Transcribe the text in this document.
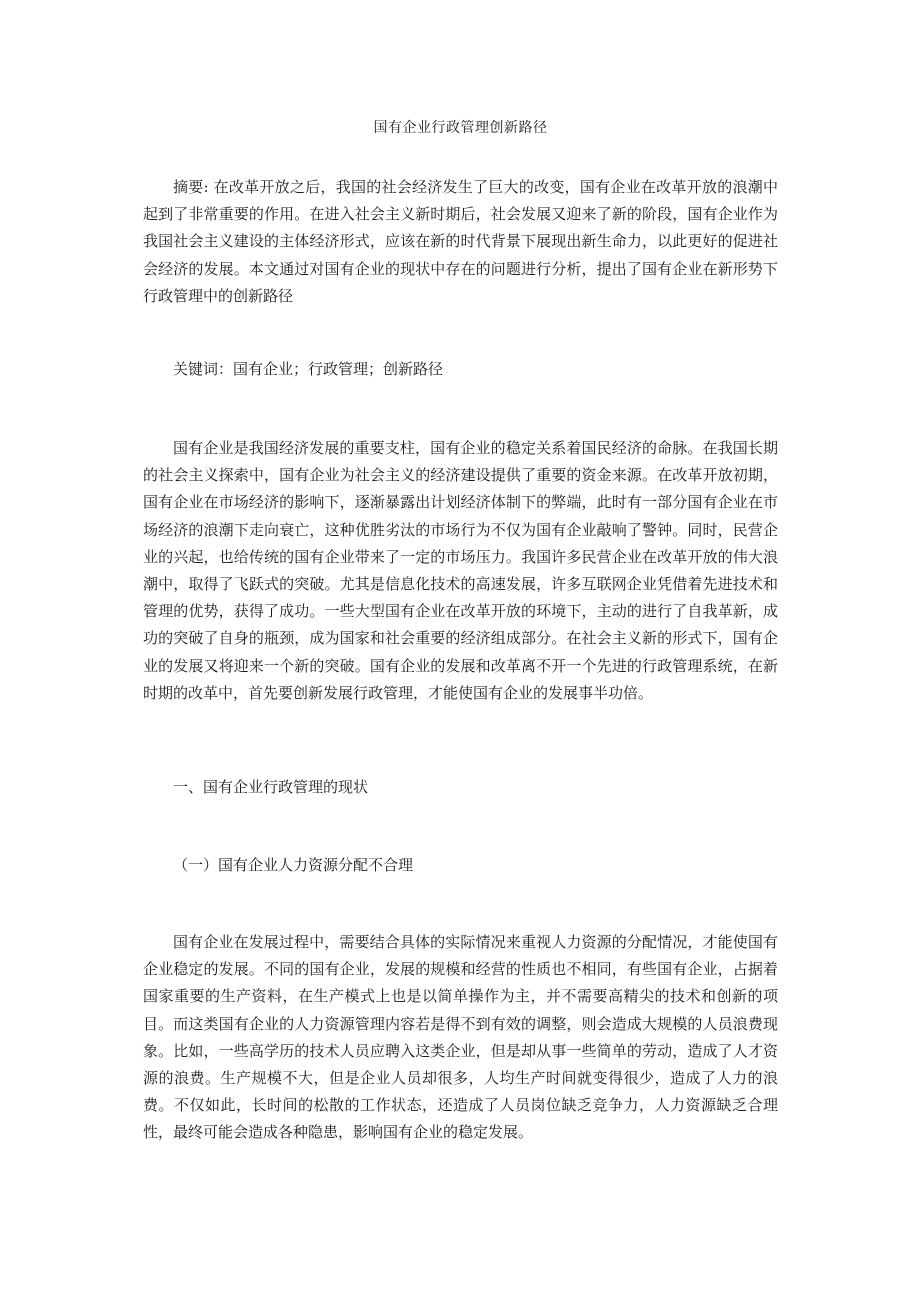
国有企业行政管理创新路径

摘要: 在改革开放之后，我国的社会经济发生了巨大的改变，国有企业在改革开放的浪潮中起到了非常重要的作用。在进入社会主义新时期后，社会发展又迎来了新的阶段，国有企业作为我国社会主义建设的主体经济形式，应该在新的时代背景下展现出新生命力，以此更好的促进社会经济的发展。本文通过对国有企业的现状中存在的问题进行分析，提出了国有企业在新形势下行政管理中的创新路径

关键词：国有企业；行政管理；创新路径

国有企业是我国经济发展的重要支柱，国有企业的稳定关系着国民经济的命脉。在我国长期的社会主义探索中，国有企业为社会主义的经济建设提供了重要的资金来源。在改革开放初期，国有企业在市场经济的影响下，逐渐暴露出计划经济体制下的弊端，此时有一部分国有企业在市场经济的浪潮下走向衰亡，这种优胜劣汰的市场行为不仅为国有企业敲响了警钟。同时，民营企业的兴起，也给传统的国有企业带来了一定的市场压力。我国许多民营企业在改革开放的伟大浪潮中，取得了飞跃式的突破。尤其是信息化技术的高速发展，许多互联网企业凭借着先进技术和管理的优势，获得了成功。一些大型国有企业在改革开放的环境下，主动的进行了自我革新，成功的突破了自身的瓶颈，成为国家和社会重要的经济组成部分。在社会主义新的形式下，国有企业的发展又将迎来一个新的突破。国有企业的发展和改革离不开一个先进的行政管理系统，在新时期的改革中，首先要创新发展行政管理，才能使国有企业的发展事半功倍。

一、国有企业行政管理的现状

（一）国有企业人力资源分配不合理

国有企业在发展过程中，需要结合具体的实际情况来重视人力资源的分配情况，才能使国有企业稳定的发展。不同的国有企业，发展的规模和经营的性质也不相同，有些国有企业，占据着国家重要的生产资料，在生产模式上也是以简单操作为主，并不需要高精尖的技术和创新的项目。而这类国有企业的人力资源管理内容若是得不到有效的调整，则会造成大规模的人员浪费现象。比如，一些高学历的技术人员应聘入这类企业，但是却从事一些简单的劳动，造成了人才资源的浪费。生产规模不大，但是企业人员却很多，人均生产时间就变得很少，造成了人力的浪费。不仅如此，长时间的松散的工作状态，还造成了人员岗位缺乏竞争力，人力资源缺乏合理性，最终可能会造成各种隐患，影响国有企业的稳定发展。
